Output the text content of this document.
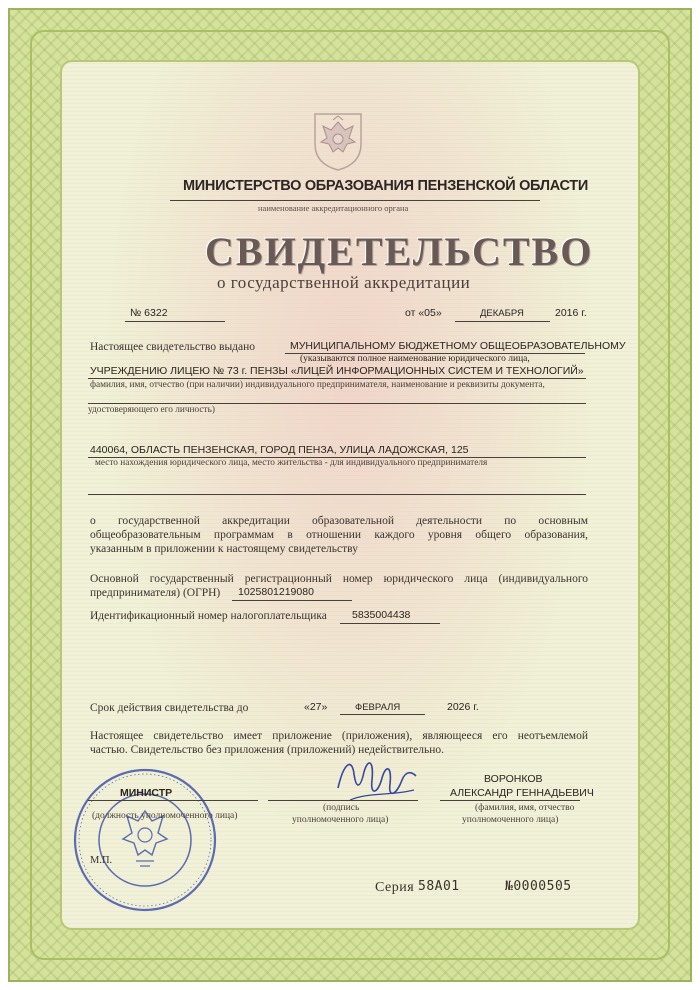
МИНИСТЕРСТВО ОБРАЗОВАНИЯ ПЕНЗЕНСКОЙ ОБЛАСТИ
наименование аккредитационного органа
СВИДЕТЕЛЬСТВО
о государственной аккредитации
№ 6322	от «05»	ДЕКАБРЯ	2016 г.
Настоящее свидетельство выдано	МУНИЦИПАЛЬНОМУ БЮДЖЕТНОМУ ОБЩЕОБРАЗОВАТЕЛЬНОМУ
(указываются полное наименование юридического лица,
УЧРЕЖДЕНИЮ ЛИЦЕЮ № 73 г. ПЕНЗЫ «ЛИЦЕЙ ИНФОРМАЦИОННЫХ СИСТЕМ И ТЕХНОЛОГИЙ»
фамилия, имя, отчество (при наличии) индивидуального предпринимателя, наименование и реквизиты документа,
удостоверяющего его личность)
440064, ОБЛАСТЬ ПЕНЗЕНСКАЯ, ГОРОД ПЕНЗА, УЛИЦА ЛАДОЖСКАЯ, 125
место нахождения юридического лица, место жительства - для индивидуального предпринимателя
о государственной аккредитации образовательной деятельности по основным
общеобразовательным программам в отношении каждого уровня общего образования,
указанным в приложении к настоящему свидетельству
Основной государственный регистрационный номер юридического лица (индивидуального
предпринимателя) (ОГРН) 1025801219080
Идентификационный номер налогоплательщика 5835004438
Срок действия свидетельства до	«27»	ФЕВРАЛЯ	2026 г.
Настоящее свидетельство имеет приложение (приложения), являющееся его неотъемлемой
частью. Свидетельство без приложения (приложений) недействительно.
МИНИСТР
(должность уполномоченного лица)
(подпись
уполномоченного лица)
ВОРОНКОВ
АЛЕКСАНДР ГЕННАДЬЕВИЧ
(фамилия, имя, отчество
уполномоченного лица)
М.П.
Серия 58А01	№0000505
